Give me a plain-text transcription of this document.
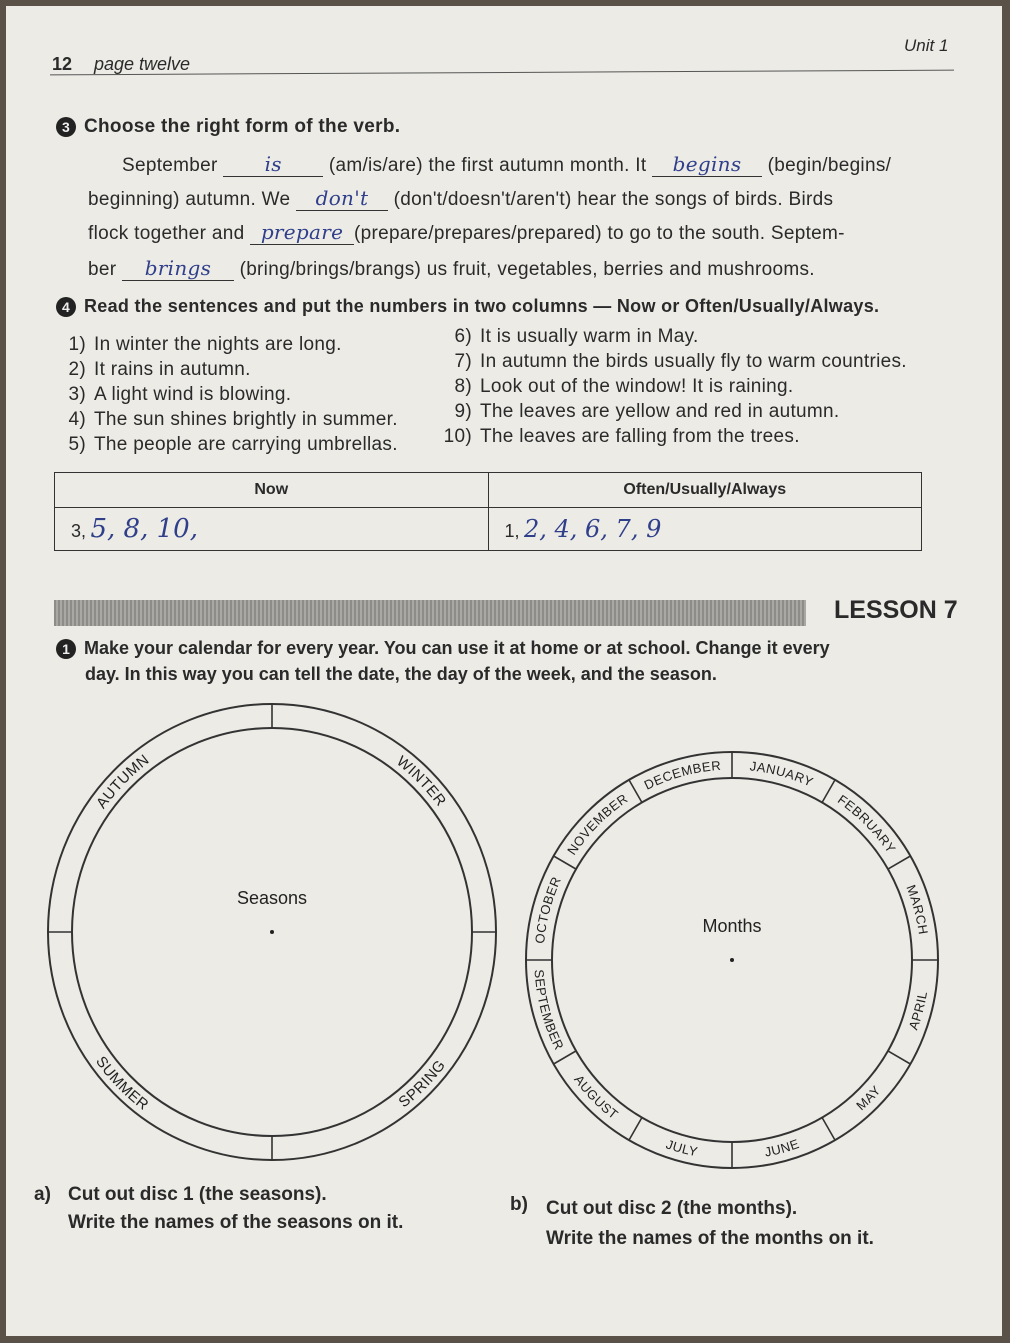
Unit 1
12 page twelve
3 Choose the right form of the verb.
September is (am/is/are) the first autumn month. It begins (begin/begins/
beginning) autumn. We don't (don't/doesn't/aren't) hear the songs of birds. Birds
flock together and prepare (prepare/prepares/prepared) to go to the south. Septem-
ber brings (bring/brings/brangs) us fruit, vegetables, berries and mushrooms.
4 Read the sentences and put the numbers in two columns — Now or Often/Usually/Always.
1) In winter the nights are long.
2) It rains in autumn.
3) A light wind is blowing.
4) The sun shines brightly in summer.
5) The people are carrying umbrellas.
6) It is usually warm in May.
7) In autumn the birds usually fly to warm countries.
8) Look out of the window! It is raining.
9) The leaves are yellow and red in autumn.
10) The leaves are falling from the trees.
Now	Often/Usually/Always
3, 5, 8, 10,	1, 2, 4, 6, 7, 9
LESSON 7
1 Make your calendar for every year. You can use it at home or at school. Change it every
day. In this way you can tell the date, the day of the week, and the season.
AUTUMN	WINTER
SPRING
SUMMER
Seasons
DECEMBER JANUARY
FEBRUARY
MARCH
APRIL
MAY
JUNE
JULY
AUGUST
SEPTEMBER
OCTOBER
NOVEMBER
Months
a) Cut out disc 1 (the seasons).
Write the names of the seasons on it.
b) Cut out disc 2 (the months).
Write the names of the months on it.
